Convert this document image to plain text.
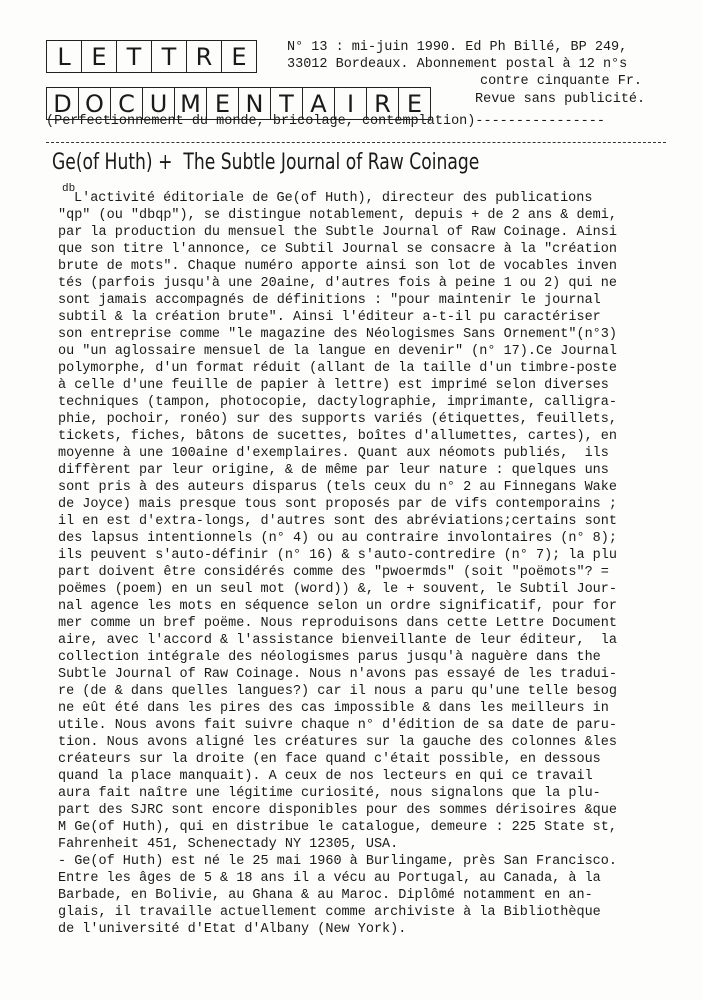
L E T T R E
D O C U M E N T A I R E
N° 13 : mi-juin 1990. Ed Ph Billé, BP 249,
33012 Bordeaux. Abonnement postal à 12 n°s
contre cinquante Fr.
Revue sans publicité.
(Perfectionnement du monde, bricolage, contemplation)----------------
Ge(of Huth) +  The Subtle Journal of Raw Coinage
db
L'activité éditoriale de Ge(of Huth), directeur des publications
"qp" (ou "dbqp"), se distingue notablement, depuis + de 2 ans & demi,
par la production du mensuel the Subtle Journal of Raw Coinage. Ainsi
que son titre l'annonce, ce Subtil Journal se consacre à la "création
brute de mots". Chaque numéro apporte ainsi son lot de vocables inven
tés (parfois jusqu'à une 20aine, d'autres fois à peine 1 ou 2) qui ne
sont jamais accompagnés de définitions : "pour maintenir le journal
subtil & la création brute". Ainsi l'éditeur a-t-il pu caractériser
son entreprise comme "le magazine des Néologismes Sans Ornement"(n°3)
ou "un aglossaire mensuel de la langue en devenir" (n° 17).Ce Journal
polymorphe, d'un format réduit (allant de la taille d'un timbre-poste
à celle d'une feuille de papier à lettre) est imprimé selon diverses
techniques (tampon, photocopie, dactylographie, imprimante, calligra-
phie, pochoir, ronéo) sur des supports variés (étiquettes, feuillets,
tickets, fiches, bâtons de sucettes, boîtes d'allumettes, cartes), en
moyenne à une 100aine d'exemplaires. Quant aux néomots publiés,  ils
diffèrent par leur origine, & de même par leur nature : quelques uns
sont pris à des auteurs disparus (tels ceux du n° 2 au Finnegans Wake
de Joyce) mais presque tous sont proposés par de vifs contemporains ;
il en est d'extra-longs, d'autres sont des abréviations;certains sont
des lapsus intentionnels (n° 4) ou au contraire involontaires (n° 8);
ils peuvent s'auto-définir (n° 16) & s'auto-contredire (n° 7); la plu
part doivent être considérés comme des "pwoermds" (soit "poëmots"? =
poëmes (poem) en un seul mot (word)) &, le + souvent, le Subtil Jour-
nal agence les mots en séquence selon un ordre significatif, pour for
mer comme un bref poëme. Nous reproduisons dans cette Lettre Document
aire, avec l'accord & l'assistance bienveillante de leur éditeur,  la
collection intégrale des néologismes parus jusqu'à naguère dans the
Subtle Journal of Raw Coinage. Nous n'avons pas essayé de les tradui-
re (de & dans quelles langues?) car il nous a paru qu'une telle besog
ne eût été dans les pires des cas impossible & dans les meilleurs in
utile. Nous avons fait suivre chaque n° d'édition de sa date de paru-
tion. Nous avons aligné les créatures sur la gauche des colonnes &les
créateurs sur la droite (en face quand c'était possible, en dessous
quand la place manquait). A ceux de nos lecteurs en qui ce travail
aura fait naître une légitime curiosité, nous signalons que la plu-
part des SJRC sont encore disponibles pour des sommes dérisoires &que
M Ge(of Huth), qui en distribue le catalogue, demeure : 225 State st,
Fahrenheit 451, Schenectady NY 12305, USA.
- Ge(of Huth) est né le 25 mai 1960 à Burlingame, près San Francisco.
Entre les âges de 5 & 18 ans il a vécu au Portugal, au Canada, à la
Barbade, en Bolivie, au Ghana & au Maroc. Diplômé notamment en an-
glais, il travaille actuellement comme archiviste à la Bibliothèque
de l'université d'Etat d'Albany (New York).
